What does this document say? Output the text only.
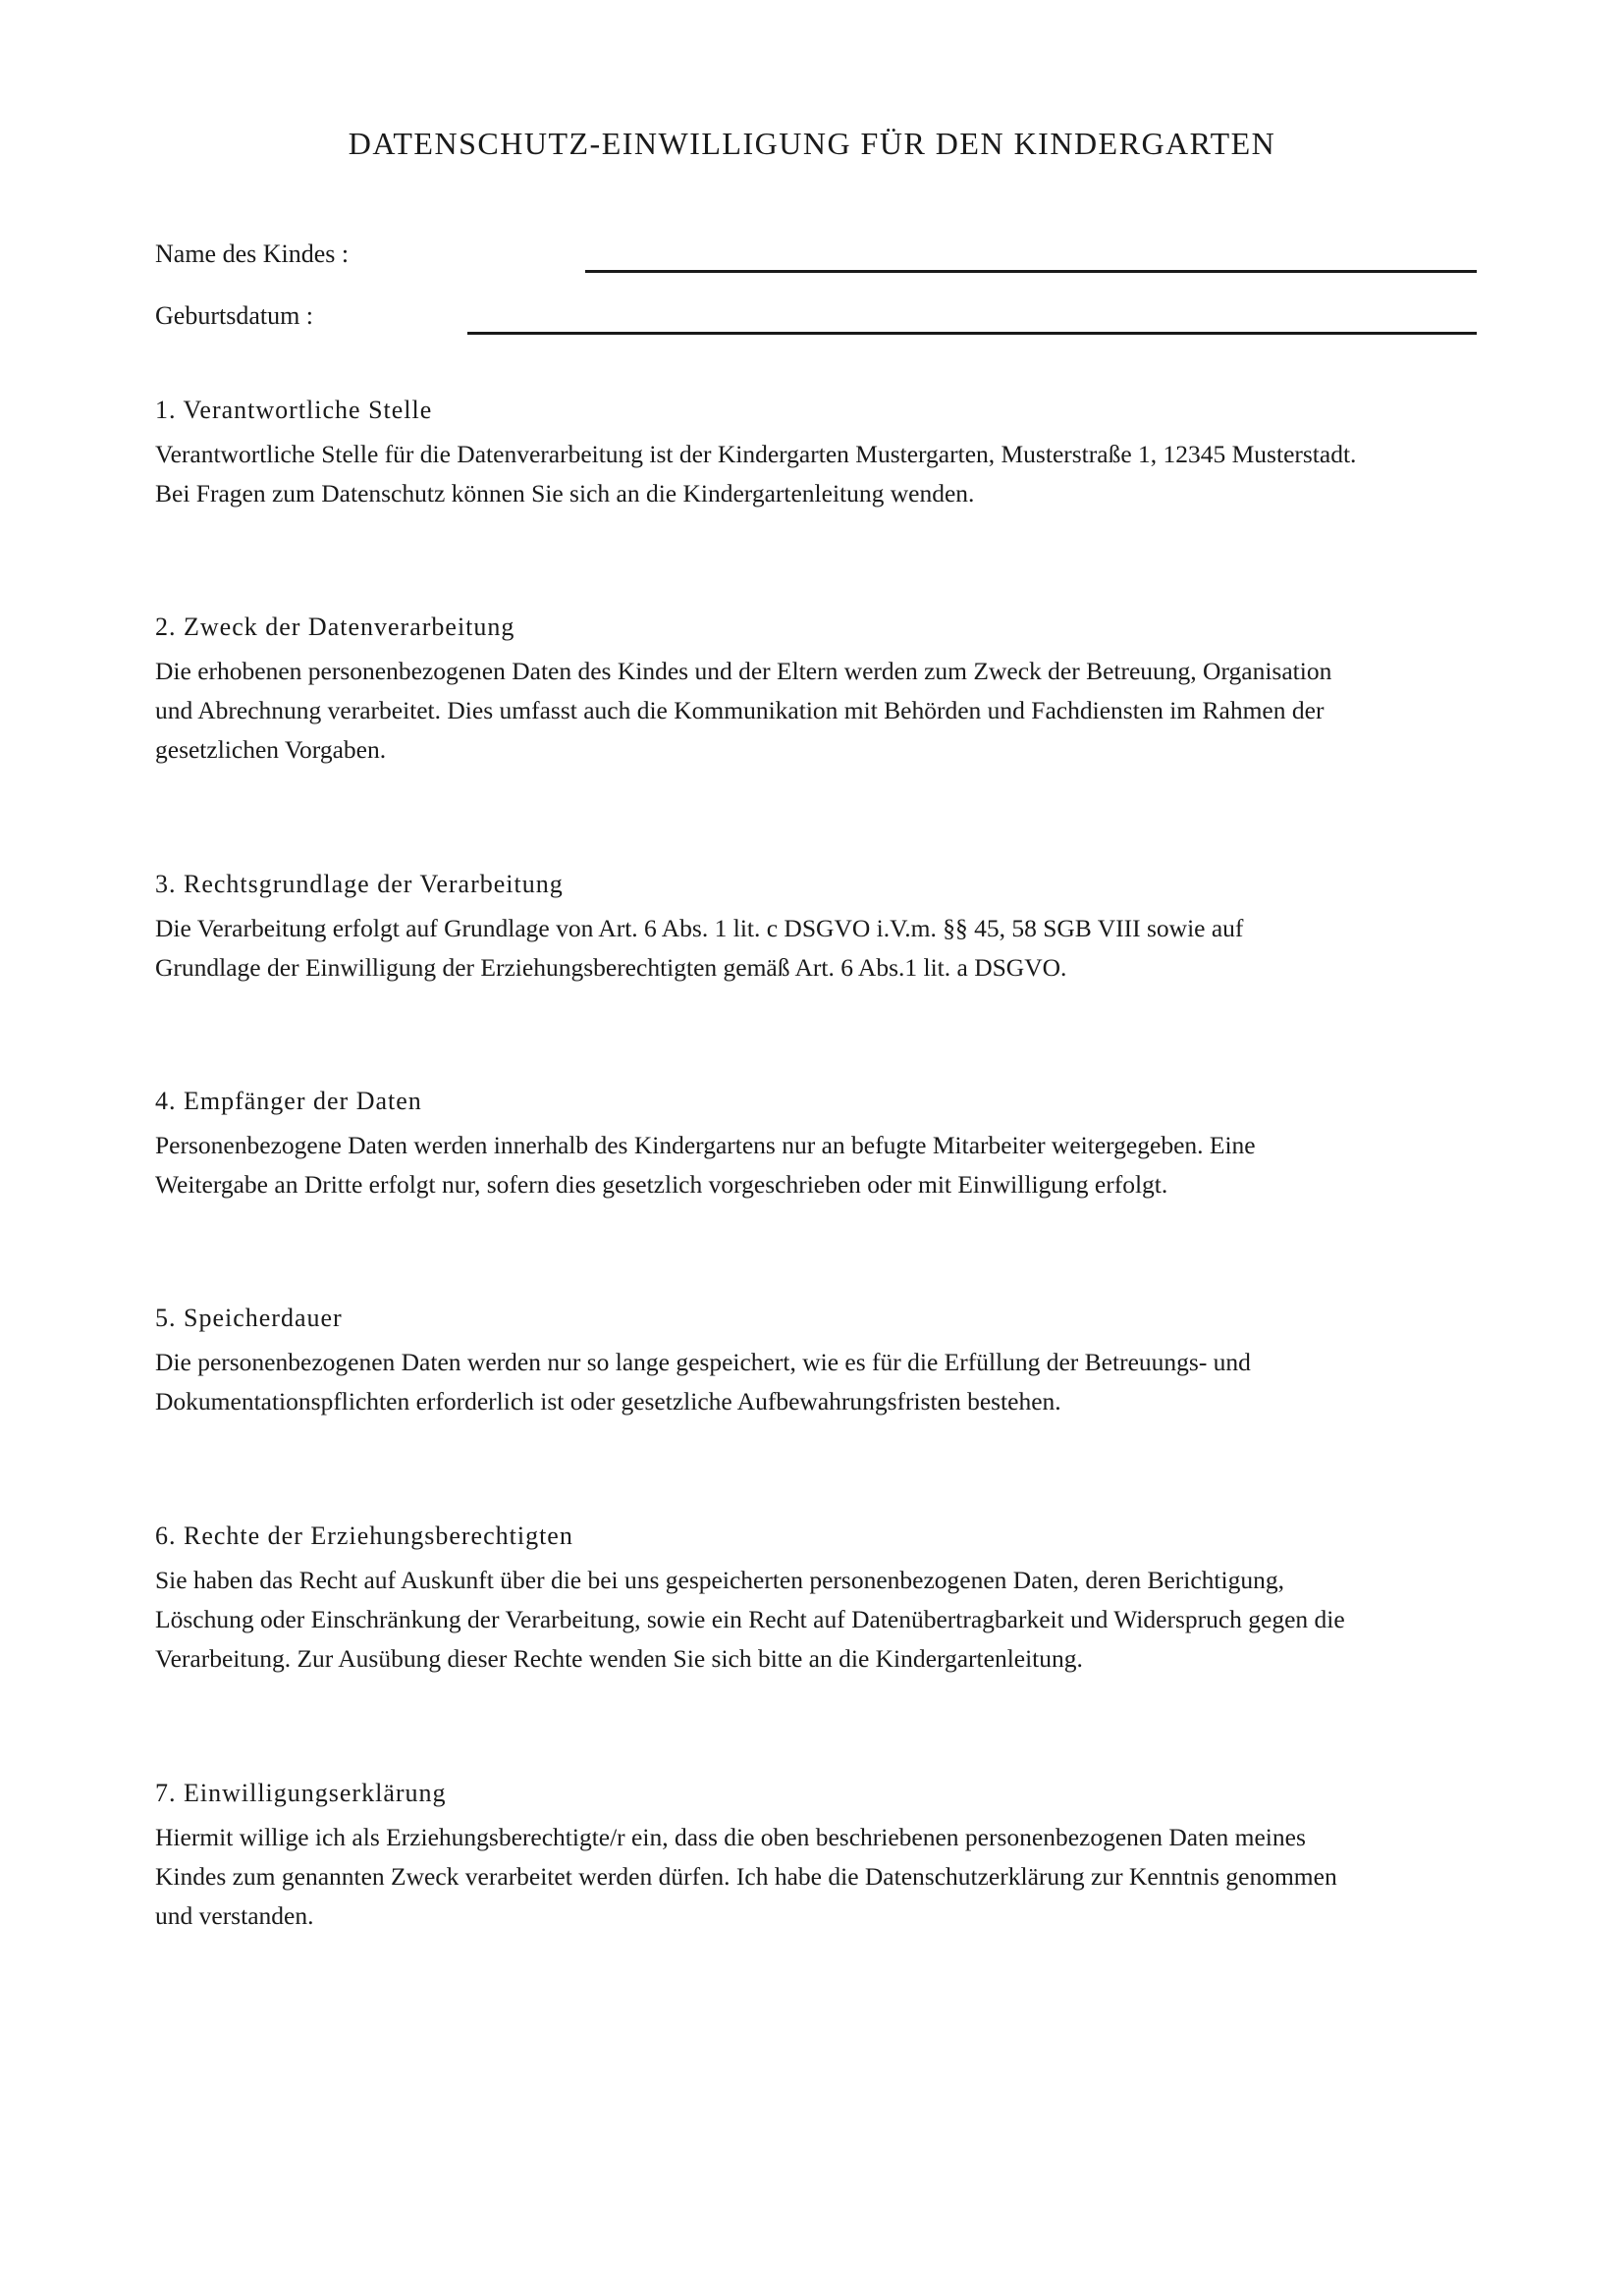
DATENSCHUTZ-EINWILLIGUNG FÜR DEN KINDERGARTEN
Name des Kindes :
Geburtsdatum :
1. Verantwortliche Stelle

Verantwortliche Stelle für die Datenverarbeitung ist der Kindergarten Mustergarten, Musterstraße 1, 12345 Musterstadt.
Bei Fragen zum Datenschutz können Sie sich an die Kindergartenleitung wenden.

2. Zweck der Datenverarbeitung

Die erhobenen personenbezogenen Daten des Kindes und der Eltern werden zum Zweck der Betreuung, Organisation
und Abrechnung verarbeitet. Dies umfasst auch die Kommunikation mit Behörden und Fachdiensten im Rahmen der
gesetzlichen Vorgaben.

3. Rechtsgrundlage der Verarbeitung

Die Verarbeitung erfolgt auf Grundlage von Art. 6 Abs. 1 lit. c DSGVO i.V.m. §§ 45, 58 SGB VIII sowie auf
Grundlage der Einwilligung der Erziehungsberechtigten gemäß Art. 6 Abs.1 lit. a DSGVO.

4. Empfänger der Daten

Personenbezogene Daten werden innerhalb des Kindergartens nur an befugte Mitarbeiter weitergegeben. Eine
Weitergabe an Dritte erfolgt nur, sofern dies gesetzlich vorgeschrieben oder mit Einwilligung erfolgt.

5. Speicherdauer

Die personenbezogenen Daten werden nur so lange gespeichert, wie es für die Erfüllung der Betreuungs- und
Dokumentationspflichten erforderlich ist oder gesetzliche Aufbewahrungsfristen bestehen.

6. Rechte der Erziehungsberechtigten

Sie haben das Recht auf Auskunft über die bei uns gespeicherten personenbezogenen Daten, deren Berichtigung,
Löschung oder Einschränkung der Verarbeitung, sowie ein Recht auf Datenübertragbarkeit und Widerspruch gegen die
Verarbeitung. Zur Ausübung dieser Rechte wenden Sie sich bitte an die Kindergartenleitung.

7. Einwilligungserklärung

Hiermit willige ich als Erziehungsberechtigte/r ein, dass die oben beschriebenen personenbezogenen Daten meines
Kindes zum genannten Zweck verarbeitet werden dürfen. Ich habe die Datenschutzerklärung zur Kenntnis genommen
und verstanden.
